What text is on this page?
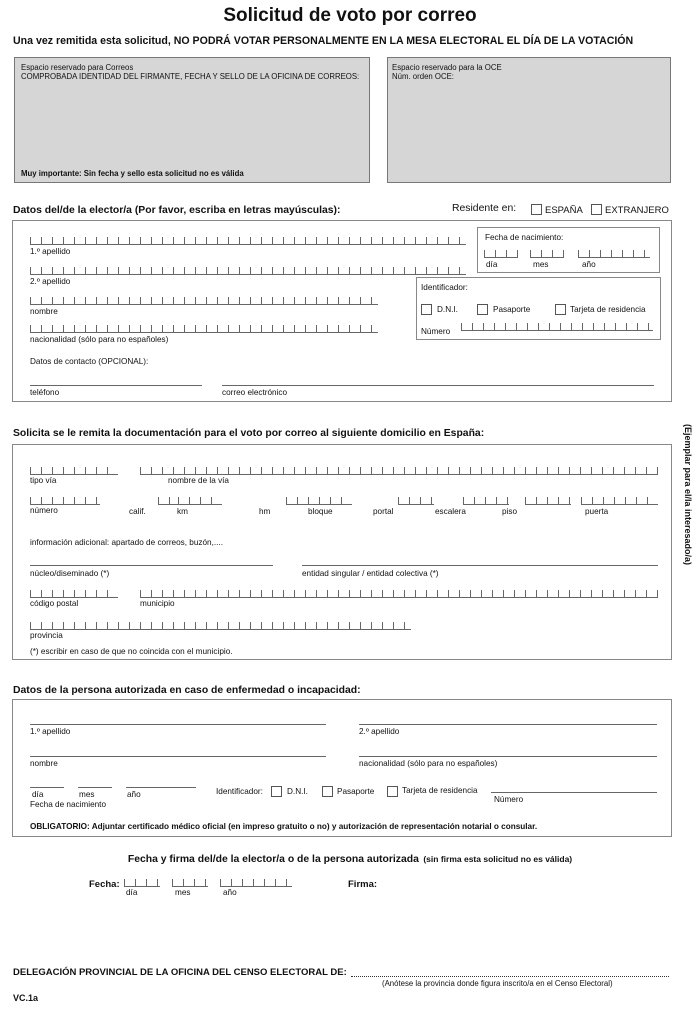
Solicitud de voto por correo
Una vez remitida esta solicitud, NO PODRÁ VOTAR PERSONALMENTE EN LA MESA ELECTORAL EL DÍA DE LA VOTACIÓN
Espacio reservado para Correos
COMPROBADA IDENTIDAD DEL FIRMANTE, FECHA Y SELLO DE LA OFICINA DE CORREOS:
Muy importante: Sin fecha y sello esta solicitud no es válida
Espacio reservado para la OCE
Núm. orden OCE:
Datos del/de la elector/a (Por favor, escriba en letras mayúsculas):	Residente en:	ESPAÑA EXTRANJERO
1.º apellido
2.º apellido
nombre
nacionalidad (sólo para no españoles)
Datos de contacto (OPCIONAL):
teléfono	correo electrónico
Fecha de nacimiento:
día	mes	año
Identificador:
D.N.I.	Pasaporte	Tarjeta de residencia
Número
Solicita se le remita la documentación para el voto por correo al siguiente domicilio en España:
tipo vía	nombre de la vía
número	calif.	km	hm	bloque	portal	escalera	piso	puerta
información adicional: apartado de correos, buzón,....
núcleo/diseminado (*)	entidad singular / entidad colectiva (*)
código postal	municipio
provincia
(*) escribir en caso de que no coincida con el municipio.
(Ejemplar para el/la interesado/a)
Datos de la persona autorizada en caso de enfermedad o incapacidad:
1.º apellido	2.º apellido
nombre	nacionalidad (sólo para no españoles)
día	mes	año
Fecha de nacimiento
Identificador:	D.N.I.	Pasaporte	Tarjeta de residencia
Número
OBLIGATORIO: Adjuntar certificado médico oficial (en impreso gratuito o no) y autorización de representación notarial o consular.
Fecha y firma del/de la elector/a o de la persona autorizada (sin firma esta solicitud no es válida)
Fecha:
día	mes	año
Firma:
DELEGACIÓN PROVINCIAL DE LA OFICINA DEL CENSO ELECTORAL DE:
(Anótese la provincia donde figura inscrito/a en el Censo Electoral)
VC.1a
